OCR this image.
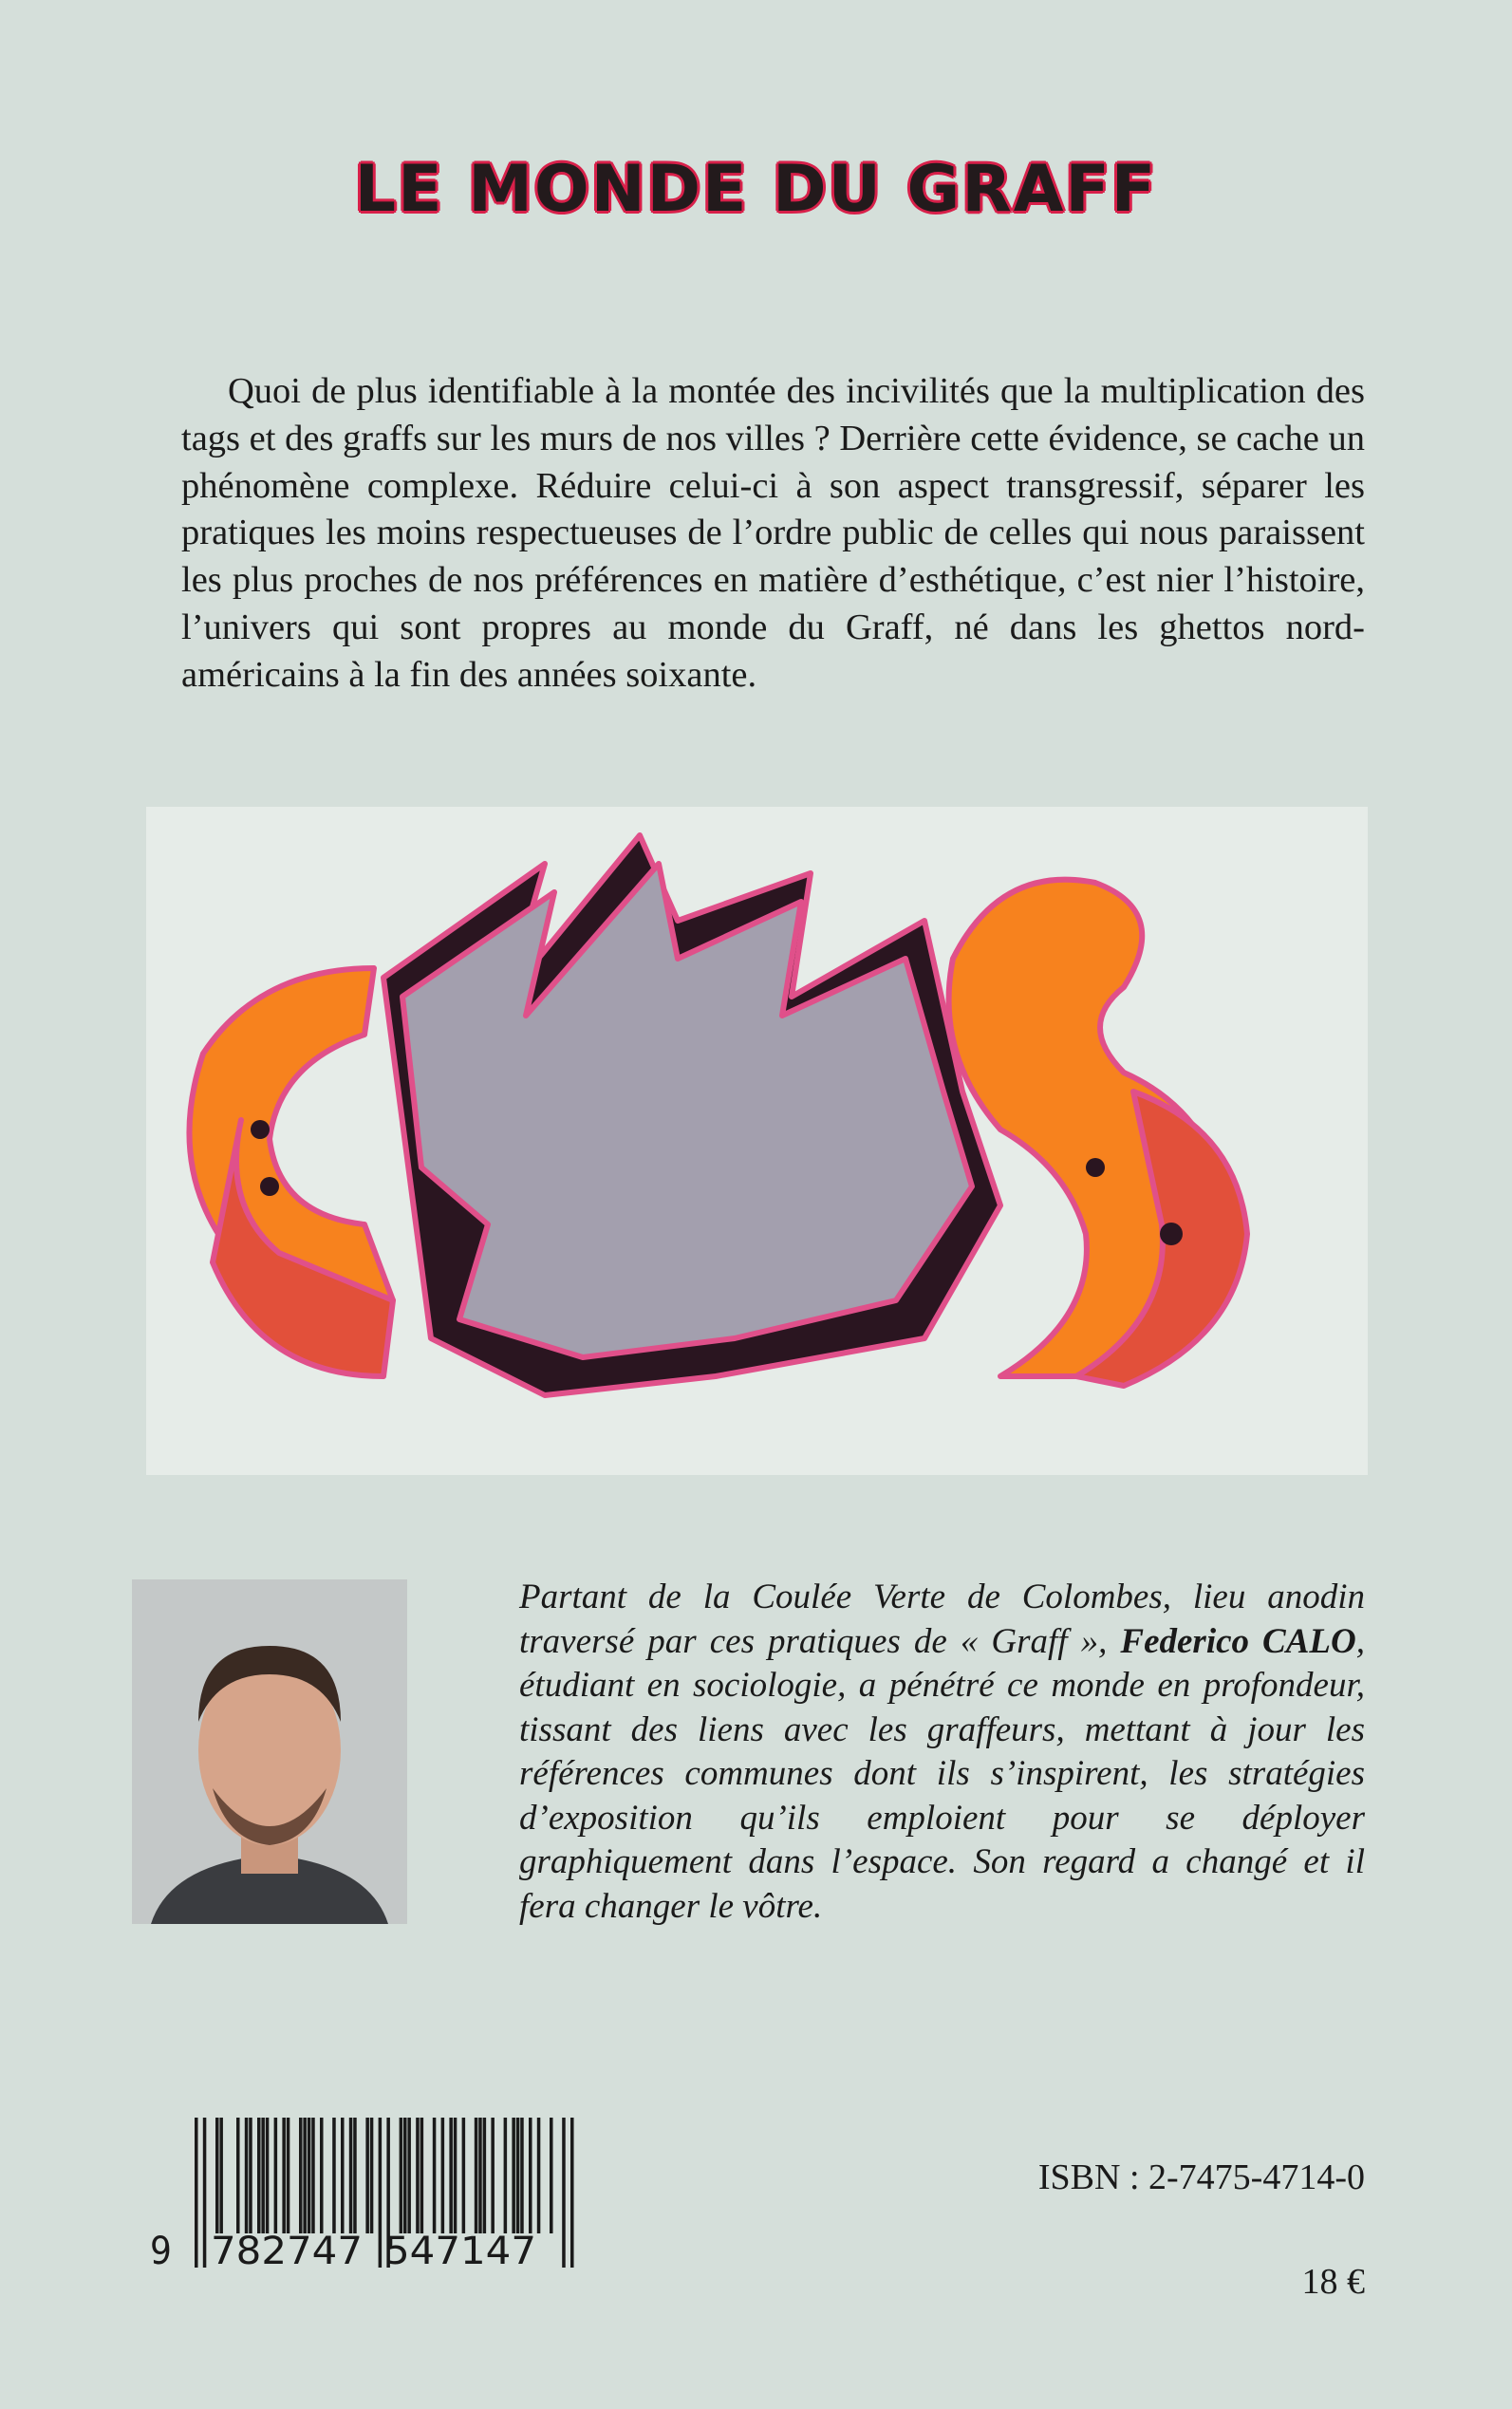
LE MONDE DU GRAFF

Quoi de plus identifiable à la montée des incivilités que la multiplication des tags et des graffs sur les murs de nos villes ? Derrière cette évidence, se cache un phénomène complexe. Réduire celui-ci à son aspect transgressif, séparer les pratiques les moins respectueuses de l’ordre public de celles qui nous paraissent les plus proches de nos préférences en matière d’esthétique, c’est nier l’histoire, l’univers qui sont propres au monde du Graff, né dans les ghettos nord-américains à la fin des années soixante.

Partant de la Coulée Verte de Colombes, lieu anodin traversé par ces pratiques de « Graff », Federico CALO, étudiant en sociologie, a pénétré ce monde en profondeur, tissant des liens avec les graffeurs, mettant à jour les références communes dont ils s’inspirent, les stratégies d’exposition qu’ils emploient pour se déployer graphiquement dans l’espace. Son regard a changé et il fera changer le vôtre.

9 782747 547147
ISBN : 2-7475-4714-0
18 €
